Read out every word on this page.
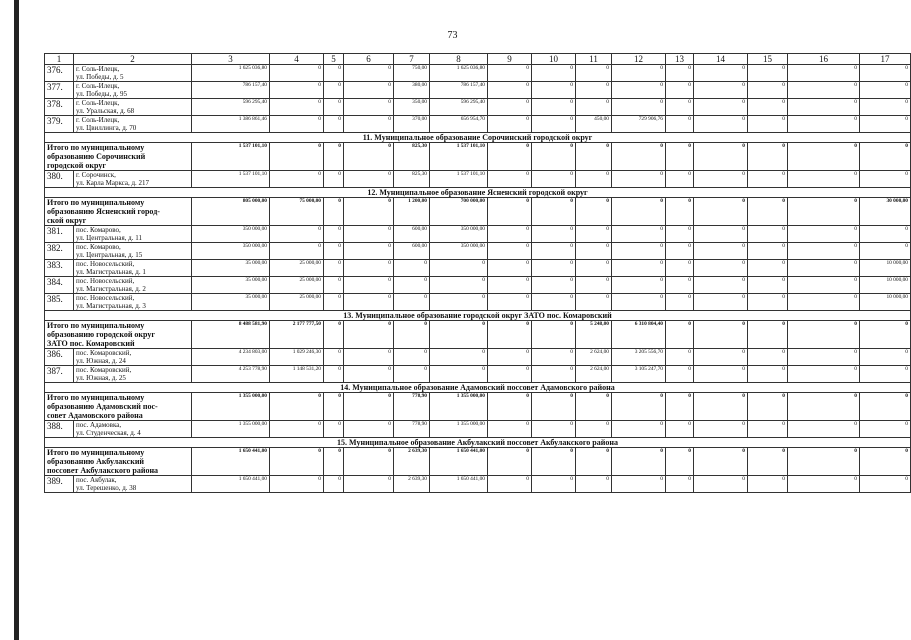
73
1	2	3	4	5	6	7	8	9	10	11	12	13	14	15	16	17
376.	г. Соль-Илецк,
ул. Победы, д. 5	1 625 036,80	0	0	0	750,00	1 625 036,80	0	0	0	0	0	0	0	0	0
377.	г. Соль-Илецк,
ул. Победы, д. 95	786 157,40	0	0	0	380,00	786 157,40	0	0	0	0	0	0	0	0	0
378.	г. Соль-Илецк,
ул. Уральская, д. 68	596 295,40	0	0	0	350,00	596 295,40	0	0	0	0	0	0	0	0	0
379.	г. Соль-Илецк,
ул. Цвиллинга, д. 70	1 386 861,46	0	0	0	370,00	656 954,70	0	0	450,00	729 906,76	0	0	0	0	0
11. Муниципальное образование Сорочинский городской округ																
Итого по муниципальному
образованию Сорочинский
городской округ		1 537 101,10	0	0	0	825,30	1 537 101,10	0	0	0	0	0	0	0	0	0
380.	г. Сорочинск,
ул. Карла Маркса, д. 217	1 537 101,10	0	0	0	825,30	1 537 101,10	0	0	0	0	0	0	0	0	0
12. Муниципальное образование Ясненский городской округ																
Итого по муниципальному
образованию Ясненский город-
ской округ		805 000,00	75 000,00	0	0	1 200,00	700 000,00	0	0	0	0	0	0	0	0	30 000,00
381.	пос. Комарово,
ул. Центральная, д. 11	350 000,00	0	0	0	600,00	350 000,00	0	0	0	0	0	0	0	0	0
382.	пос. Комарово,
ул. Центральная, д. 15	350 000,00	0	0	0	600,00	350 000,00	0	0	0	0	0	0	0	0	0
383.	пос. Новосельский,
ул. Магистральная, д. 1	35 000,00	25 000,00	0	0	0	0	0	0	0	0	0	0	0	0	10 000,00
384.	пос. Новосельский,
ул. Магистральная, д. 2	35 000,00	25 000,00	0	0	0	0	0	0	0	0	0	0	0	0	10 000,00
385.	пос. Новосельский,
ул. Магистральная, д. 3	35 000,00	25 000,00	0	0	0	0	0	0	0	0	0	0	0	0	10 000,00
13. Муниципальное образование городской округ ЗАТО пос. Комаровский																
Итого по муниципальному
образованию городской округ
ЗАТО пос. Комаровский		8 488 581,90	2 177 777,50	0	0	0	0	0	0	5 248,00	6 310 804,40	0	0	0	0	0
386.	пос. Комаровский,
ул. Южная, д. 24	4 234 803,00	1 029 246,30	0	0	0	0	0	0	2 624,00	3 205 556,70	0	0	0	0	0
387.	пос. Комаровский,
ул. Южная, д. 25	4 253 778,90	1 148 531,20	0	0	0	0	0	0	2 624,00	3 105 247,70	0	0	0	0	0
14. Муниципальное образование Адамовский поссовет Адамовского района																
Итого по муниципальному
образованию Адамовский пос-
совет Адамовского района		1 355 000,00	0	0	0	778,90	1 355 000,00	0	0	0	0	0	0	0	0	0
388.	пос. Адамовка,
ул. Студенческая, д. 4	1 355 000,00	0	0	0	778,90	1 355 000,00	0	0	0	0	0	0	0	0	0
15. Муниципальное образование Акбулакский поссовет Акбулакского района																
Итого по муниципальному
образованию Акбулакский
поссовет Акбулакского района		1 650 441,00	0	0	0	2 639,30	1 650 441,00	0	0	0	0	0	0	0	0	0
389.	пос. Акбулак,
ул. Терешенко, д. 38	1 650 441,00	0	0	0	2 639,30	1 650 441,00	0	0	0	0	0	0	0	0	0
